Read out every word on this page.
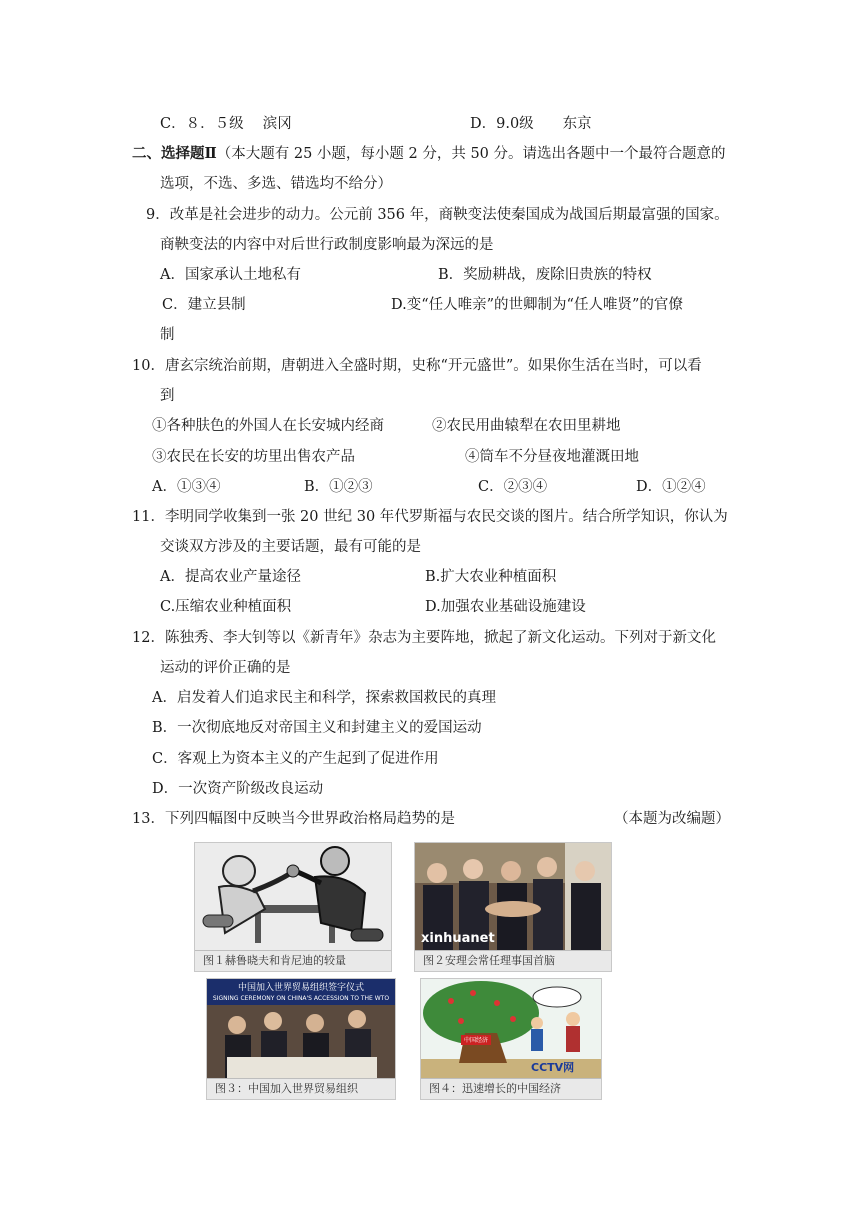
C．８．５级　 滨冈	D．9.0级　　东京
二、选择题Ⅱ（本大题有 25 小题，每小题 2 分，共 50 分。请选出各题中一个最符合题意的
选项，不选、多选、错选均不给分）
9．改革是社会进步的动力。公元前 356 年，商鞅变法使秦国成为战国后期最富强的国家。
商鞅变法的内容中对后世行政制度影响最为深远的是
A．国家承认土地私有	B．奖励耕战，废除旧贵族的特权
C．建立县制	D.变“任人唯亲”的世卿制为“任人唯贤”的官僚
制
10．唐玄宗统治前期，唐朝进入全盛时期，史称“开元盛世”。如果你生活在当时，可以看
到
①各种肤色的外国人在长安城内经商	②农民用曲辕犁在农田里耕地
③农民在长安的坊里出售农产品	④筒车不分昼夜地灌溉田地
A．①③④	B．①②③	C．②③④	D．①②④
11．李明同学收集到一张 20 世纪 30 年代罗斯福与农民交谈的图片。结合所学知识，你认为
交谈双方涉及的主要话题，最有可能的是
A．提高农业产量途径	B.扩大农业种植面积
C.压缩农业种植面积	D.加强农业基础设施建设
12．陈独秀、李大钊等以《新青年》杂志为主要阵地，掀起了新文化运动。下列对于新文化
运动的评价正确的是
A．启发着人们追求民主和科学，探索救国救民的真理
B．一次彻底地反对帝国主义和封建主义的爱国运动
C．客观上为资本主义的产生起到了促进作用
D．一次资产阶级改良运动
13．下列四幅图中反映当今世界政治格局趋势的是	（本题为改编题）
图１赫鲁晓夫和肯尼迪的较量
xinhuanet
图２安理会常任理事国首脑
中国加入世界贸易组织签字仪式
SIGNING CEREMONY ON CHINA'S ACCESSION TO THE WTO
图３：中国加入世界贸易组织
中国经济
CCTV网
图４：迅速增长的中国经济
